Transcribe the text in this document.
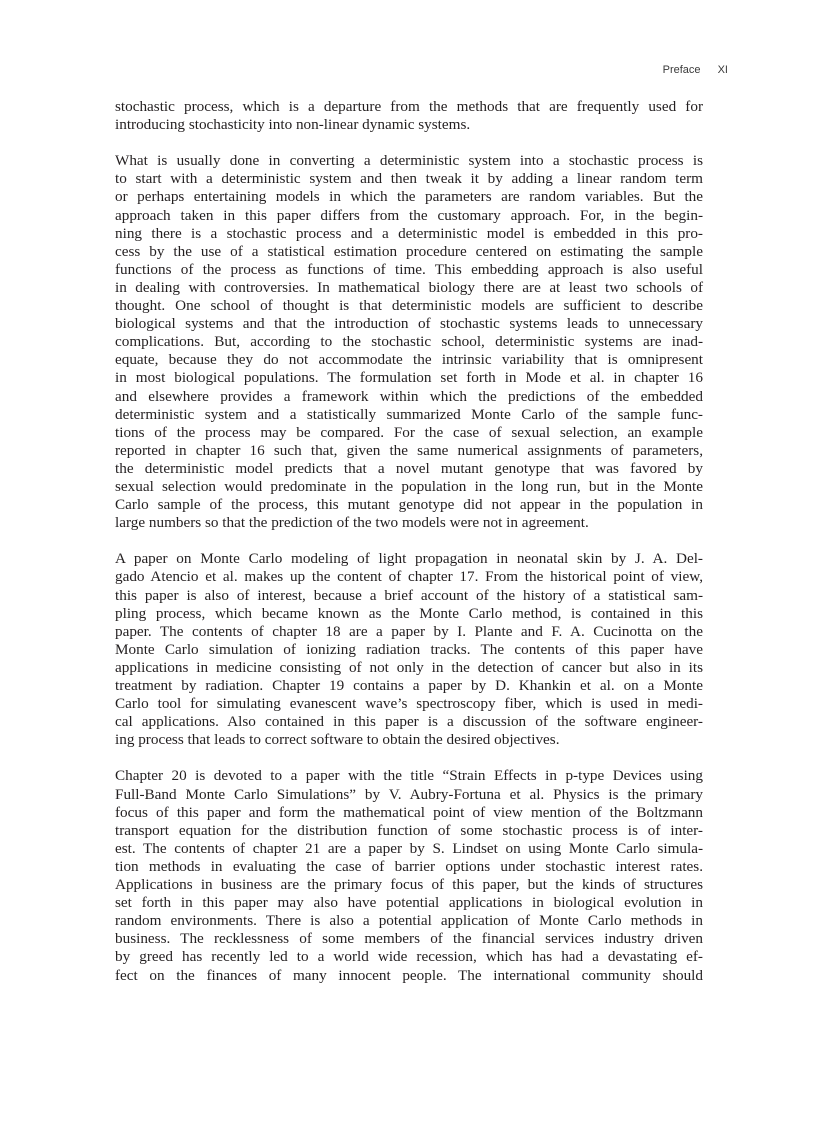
Preface XI
stochastic process, which is a departure from the methods that are frequently used for
introducing stochasticity into non-linear dynamic systems.
What is usually done in converting a deterministic system into a stochastic process is
to start with a deterministic system and then tweak it by adding a linear random term
or perhaps entertaining models in which the parameters are random variables. But the
approach taken in this paper differs from the customary approach. For, in the begin-
ning there is a stochastic process and a deterministic model is embedded in this pro-
cess by the use of a statistical estimation procedure centered on estimating the sample
functions of the process as functions of time. This embedding approach is also useful
in dealing with controversies. In mathematical biology there are at least two schools of
thought. One school of thought is that deterministic models are sufficient to describe
biological systems and that the introduction of stochastic systems leads to unnecessary
complications. But, according to the stochastic school, deterministic systems are inad-
equate, because they do not accommodate the intrinsic variability that is omnipresent
in most biological populations. The formulation set forth in Mode et al. in chapter 16
and elsewhere provides a framework within which the predictions of the embedded
deterministic system and a statistically summarized Monte Carlo of the sample func-
tions of the process may be compared. For the case of sexual selection, an example
reported in chapter 16 such that, given the same numerical assignments of parameters,
the deterministic model predicts that a novel mutant genotype that was favored by
sexual selection would predominate in the population in the long run, but in the Monte
Carlo sample of the process, this mutant genotype did not appear in the population in
large numbers so that the prediction of the two models were not in agreement.
A paper on Monte Carlo modeling of light propagation in neonatal skin by J. A. Del-
gado Atencio et al. makes up the content of chapter 17. From the historical point of view,
this paper is also of interest, because a brief account of the history of a statistical sam-
pling process, which became known as the Monte Carlo method, is contained in this
paper. The contents of chapter 18 are a paper by I. Plante and F. A. Cucinotta on the
Monte Carlo simulation of ionizing radiation tracks. The contents of this paper have
applications in medicine consisting of not only in the detection of cancer but also in its
treatment by radiation. Chapter 19 contains a paper by D. Khankin et al. on a Monte
Carlo tool for simulating evanescent wave’s spectroscopy fiber, which is used in medi-
cal applications. Also contained in this paper is a discussion of the software engineer-
ing process that leads to correct software to obtain the desired objectives.
Chapter 20 is devoted to a paper with the title “Strain Effects in p-type Devices using
Full-Band Monte Carlo Simulations” by V. Aubry-Fortuna et al. Physics is the primary
focus of this paper and form the mathematical point of view mention of the Boltzmann
transport equation for the distribution function of some stochastic process is of inter-
est. The contents of chapter 21 are a paper by S. Lindset on using Monte Carlo simula-
tion methods in evaluating the case of barrier options under stochastic interest rates.
Applications in business are the primary focus of this paper, but the kinds of structures
set forth in this paper may also have potential applications in biological evolution in
random environments. There is also a potential application of Monte Carlo methods in
business. The recklessness of some members of the financial services industry driven
by greed has recently led to a world wide recession, which has had a devastating ef-
fect on the finances of many innocent people. The international community should
